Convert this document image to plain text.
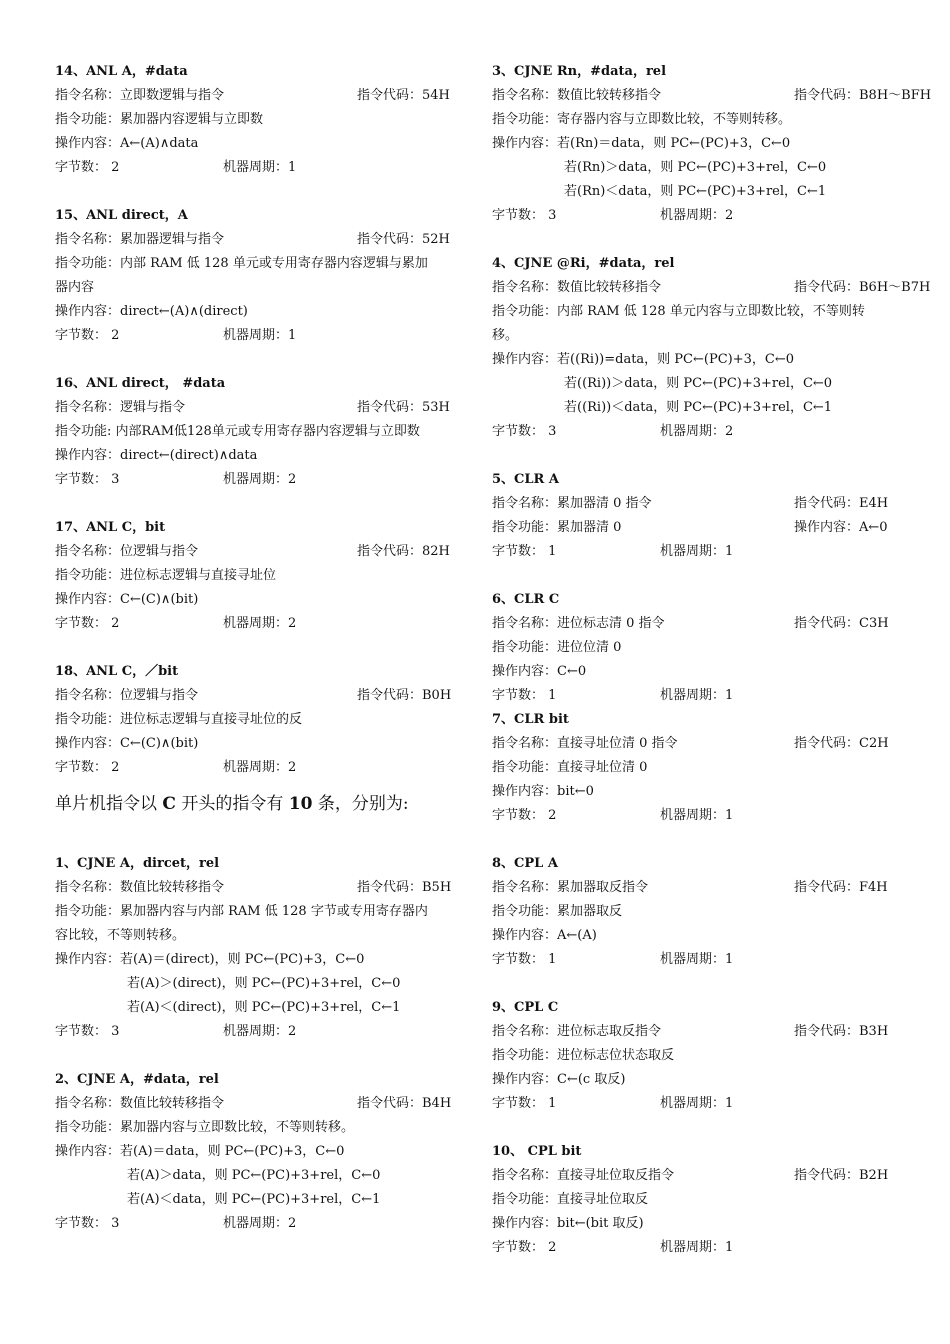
14、ANL A，#data
指令名称：立即数逻辑与指令	指令代码：54H
指令功能：累加器内容逻辑与立即数
操作内容：A←(A)∧data
字节数： 2	机器周期：1
15、ANL direct，A
指令名称：累加器逻辑与指令	指令代码：52H
指令功能：内部 RAM 低 128 单元或专用寄存器内容逻辑与累加
器内容
操作内容：direct←(A)∧(direct)
字节数： 2	机器周期：1
16、ANL direct， #data
指令名称：逻辑与指令	指令代码：53H
指令功能: 内部RAM低128单元或专用寄存器内容逻辑与立即数
操作内容：direct←(direct)∧data
字节数： 3	机器周期：2
17、ANL C，bit
指令名称：位逻辑与指令	指令代码：82H
指令功能：进位标志逻辑与直接寻址位
操作内容：C←(C)∧(bit)
字节数： 2	机器周期：2
18、ANL C，／bit
指令名称：位逻辑与指令	指令代码：B0H
指令功能：进位标志逻辑与直接寻址位的反
操作内容：C←(C)∧(bit)
字节数： 2	机器周期：2
单片机指令以 C 开头的指令有 10 条，分别为:
1、CJNE A，dircet，rel
指令名称：数值比较转移指令	指令代码：B5H
指令功能：累加器内容与内部 RAM 低 128 字节或专用寄存器内
容比较，不等则转移。
操作内容：若(A)＝(direct)，则 PC←(PC)+3，C←0
若(A)＞(direct)，则 PC←(PC)+3+rel，C←0
若(A)＜(direct)，则 PC←(PC)+3+rel，C←1
字节数： 3	机器周期：2
2、CJNE A，#data，rel
指令名称：数值比较转移指令	指令代码：B4H
指令功能：累加器内容与立即数比较，不等则转移。
操作内容：若(A)＝data，则 PC←(PC)+3，C←0
若(A)＞data，则 PC←(PC)+3+rel，C←0
若(A)＜data，则 PC←(PC)+3+rel，C←1
字节数： 3	机器周期：2
3、CJNE Rn，#data，rel
指令名称：数值比较转移指令	指令代码：B8H～BFH
指令功能：寄存器内容与立即数比较，不等则转移。
操作内容：若(Rn)＝data，则 PC←(PC)+3，C←0
若(Rn)＞data，则 PC←(PC)+3+rel，C←0
若(Rn)＜data，则 PC←(PC)+3+rel，C←1
字节数： 3	机器周期：2
4、CJNE @Ri，#data，rel
指令名称：数值比较转移指令	指令代码：B6H～B7H
指令功能：内部 RAM 低 128 单元内容与立即数比较，不等则转
移。
操作内容：若((Ri))=data，则 PC←(PC)+3，C←0
若((Ri))＞data，则 PC←(PC)+3+rel，C←0
若((Ri))＜data，则 PC←(PC)+3+rel，C←1
字节数： 3	机器周期：2
5、CLR A
指令名称：累加器清 0 指令	指令代码：E4H
指令功能：累加器清 0	操作内容：A←0
字节数： 1	机器周期：1
6、CLR C
指令名称：进位标志清 0 指令	指令代码：C3H
指令功能：进位位清 0
操作内容：C←0
字节数： 1	机器周期：1
7、CLR bit
指令名称：直接寻址位清 0 指令	指令代码：C2H
指令功能：直接寻址位清 0
操作内容：bit←0
字节数： 2	机器周期：1
8、CPL A
指令名称：累加器取反指令	指令代码：F4H
指令功能：累加器取反
操作内容：A←(A)
字节数： 1	机器周期：1
9、CPL C
指令名称：进位标志取反指令	指令代码：B3H
指令功能：进位标志位状态取反
操作内容：C←(c 取反)
字节数： 1	机器周期：1
10、 CPL bit
指令名称：直接寻址位取反指令	指令代码：B2H
指令功能：直接寻址位取反
操作内容：bit←(bit 取反)
字节数： 2	机器周期：1
